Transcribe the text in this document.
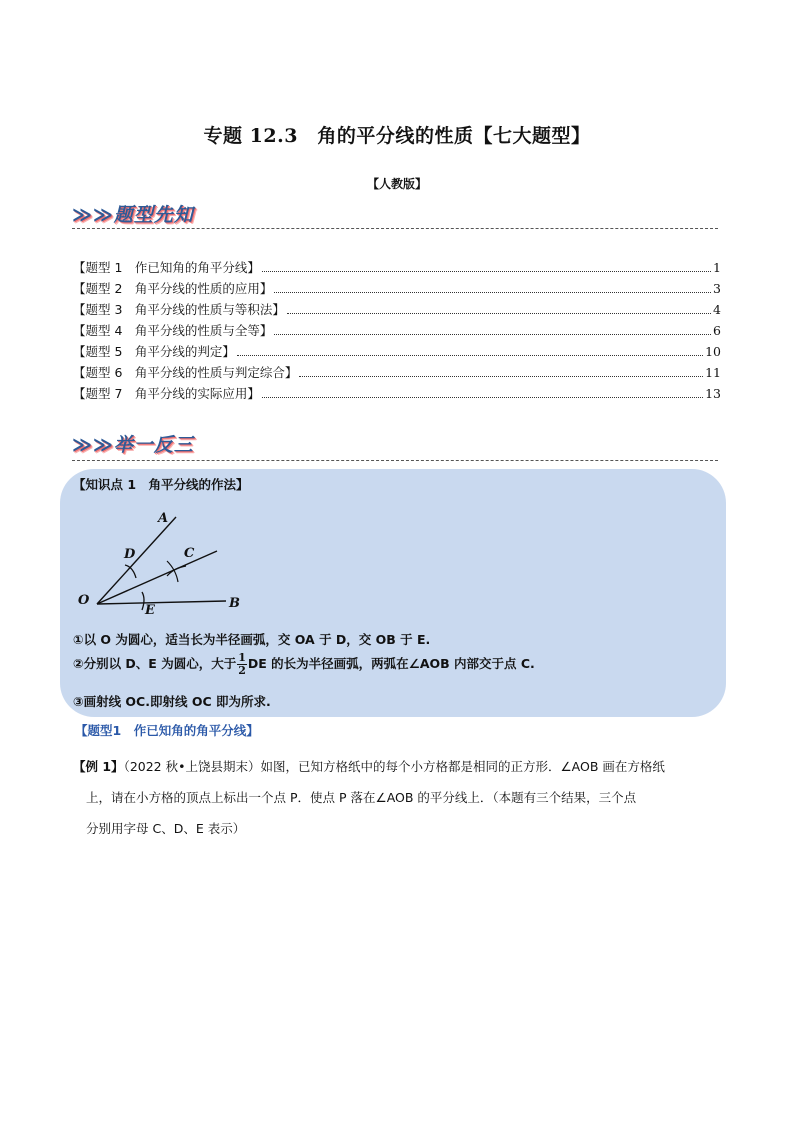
专题 12.3　角的平分线的性质【七大题型】
【人教版】
≫≫题型先知
【题型 1　作已知角的角平分线】	1
【题型 2　角平分线的性质的应用】	3
【题型 3　角平分线的性质与等积法】	4
【题型 4　角平分线的性质与全等】	6
【题型 5　角平分线的判定】	10
【题型 6　角平分线的性质与判定综合】	11
【题型 7　角平分线的实际应用】	13
≫≫举一反三
【知识点 1　角平分线的作法】
A
C
D
O
E	B
①以 O 为圆心，适当长为半径画弧，交 OA 于 D，交 OB 于 E.
②分别以 D、E 为圆心，大于 $\frac{1}{2}$ DE 的长为半径画弧，两弧在∠AOB 内部交于点 C.
③画射线 OC.即射线 OC 即为所求.
【题型1　作已知角的角平分线】
【例 1】（2022 秋•上饶县期末）如图，已知方格纸中的每个小方格都是相同的正方形．∠AOB 画在方格纸
上，请在小方格的顶点上标出一个点 P．使点 P 落在∠AOB 的平分线上．（本题有三个结果，三个点
分别用字母 C、D、E 表示）
